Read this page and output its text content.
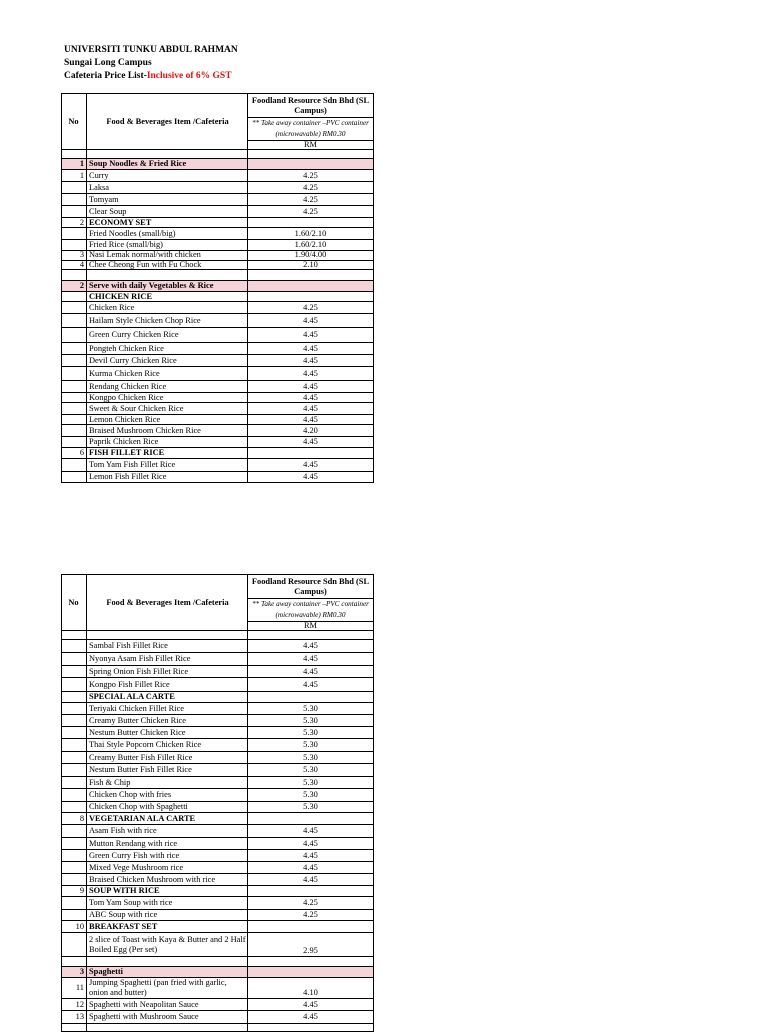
UNIVERSITI TUNKU ABDUL RAHMAN
Sungai Long Campus
Cafeteria Price List-Inclusive of 6% GST
No	Food & Beverages Item /Cafeteria	Foodland Resource Sdn Bhd (SL Campus)
		** Take away container –PVC container (microwavable) RM0.30
		RM

1	Soup Noodles & Fried Rice	
1	Curry	4.25
	Laksa	4.25
	Tomyam	4.25
	Clear Soup	4.25
2	ECONOMY SET	
	Fried Noodles (small/big)	1.60/2.10
	Fried Rice (small/big)	1.60/2.10
3	Nasi Lemak normal/with chicken	1.90/4.00
4	Chee Cheong Fun with Fu Chock	2.10

2	Serve with daily Vegetables & Rice	
	CHICKEN RICE	
	Chicken Rice	4.25
	Hailam Style Chicken Chop Rice	4.45
	Green Curry Chicken Rice	4.45
	Pongteh Chicken Rice	4.45
	Devil Curry Chicken Rice	4.45
	Kurma Chicken Rice	4.45
	Rendang Chicken Rice	4.45
	Kongpo Chicken Rice	4.45
	Sweet & Sour Chicken Rice	4.45
	Lemon Chicken Rice	4.45
	Braised Mushroom Chicken Rice	4.20
	Paprik Chicken Rice	4.45
6	FISH FILLET RICE	
	Tom Yam Fish Fillet Rice	4.45
	Lemon Fish Fillet Rice	4.45
No	Food & Beverages Item /Cafeteria	Foodland Resource Sdn Bhd (SL Campus)
		** Take away container –PVC container (microwavable) RM0.30
		RM

	Sambal Fish Fillet Rice	4.45
	Nyonya Asam Fish Fillet Rice	4.45
	Spring Onion Fish Fillet Rice	4.45
	Kongpo Fish Fillet Rice	4.45
	SPECIAL ALA CARTE	
	Teriyaki Chicken Fillet Rice	5.30
	Creamy Butter Chicken Rice	5.30
	Nestum Butter Chicken Rice	5.30
	Thai Style Popcorn Chicken Rice	5.30
	Creamy Butter Fish Fillet Rice	5.30
	Nestum Butter Fish Fillet Rice	5.30
	Fish & Chip	5.30
	Chicken Chop with fries	5.30
	Chicken Chop with Spaghetti	5.30
8	VEGETARIAN ALA CARTE	
	Asam Fish with rice	4.45
	Mutton Rendang with rice	4.45
	Green Curry Fish with rice	4.45
	Mixed Vege Mushroom rice	4.45
	Braised Chicken Mushroom with rice	4.45
9	SOUP WITH RICE	
	Tom Yam Soup with rice	4.25
	ABC Soup with rice	4.25
10	BREAKFAST SET	
	2 slice of Toast with Kaya & Butter and 2 Half Boiled Egg (Per set)	2.95

3	Spaghetti	
11	Jumping Spaghetti (pan fried with garlic, onion and butter)	4.10
12	Spaghetti with Neapolitan Sauce	4.45
13	Spaghetti with Mushroom Sauce	4.45
